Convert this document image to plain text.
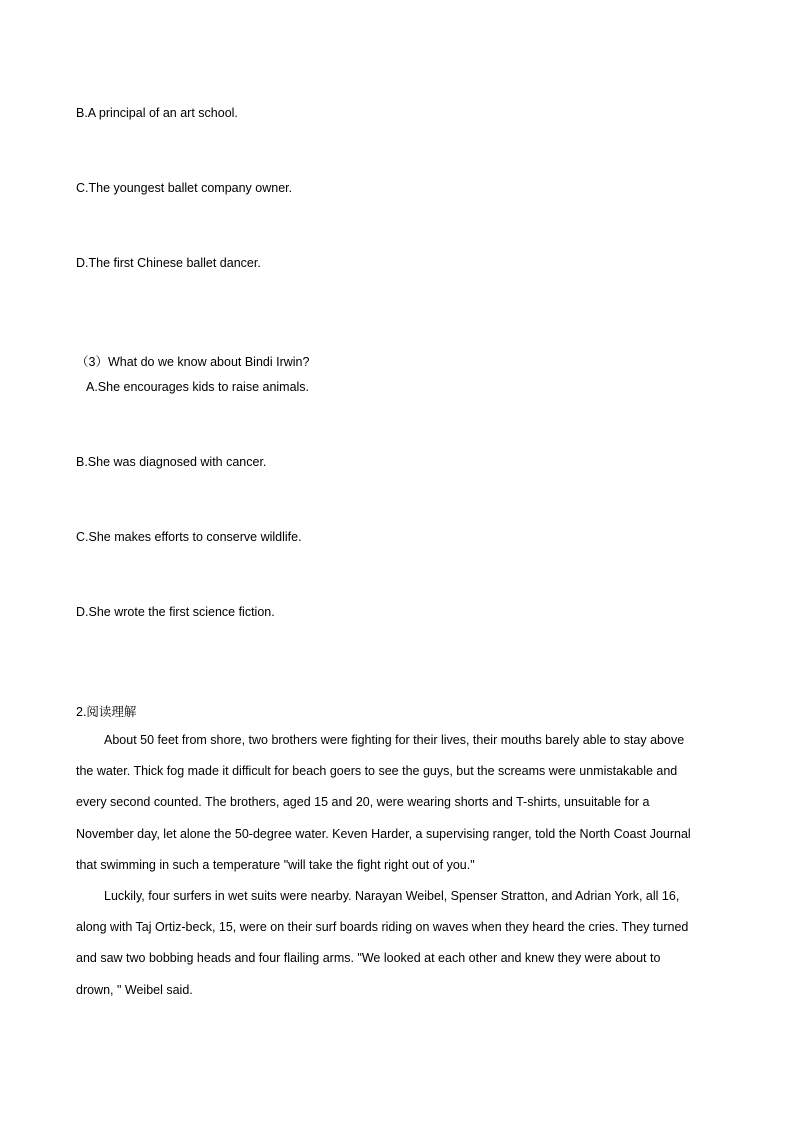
B.A principal of an art school.
C.The youngest ballet company owner.
D.The first Chinese ballet dancer.
（3）What do we know about Bindi Irwin?
A.She encourages kids to raise animals.
B.She was diagnosed with cancer.
C.She makes efforts to conserve wildlife.
D.She wrote the first science fiction.
2.阅读理解
About 50 feet from shore, two brothers were fighting for their lives, their mouths barely able to stay above
the water. Thick fog made it difficult for beach goers to see the guys, but the screams were unmistakable and
every second counted. The brothers, aged 15 and 20, were wearing shorts and T-shirts, unsuitable for a
November day, let alone the 50-degree water. Keven Harder, a supervising ranger, told the North Coast Journal
that swimming in such a temperature "will take the fight right out of you."
Luckily, four surfers in wet suits were nearby. Narayan Weibel, Spenser Stratton, and Adrian York, all 16,
along with Taj Ortiz-beck, 15, were on their surf boards riding on waves when they heard the cries. They turned
and saw two bobbing heads and four flailing arms. "We looked at each other and knew they were about to
drown, " Weibel said.
